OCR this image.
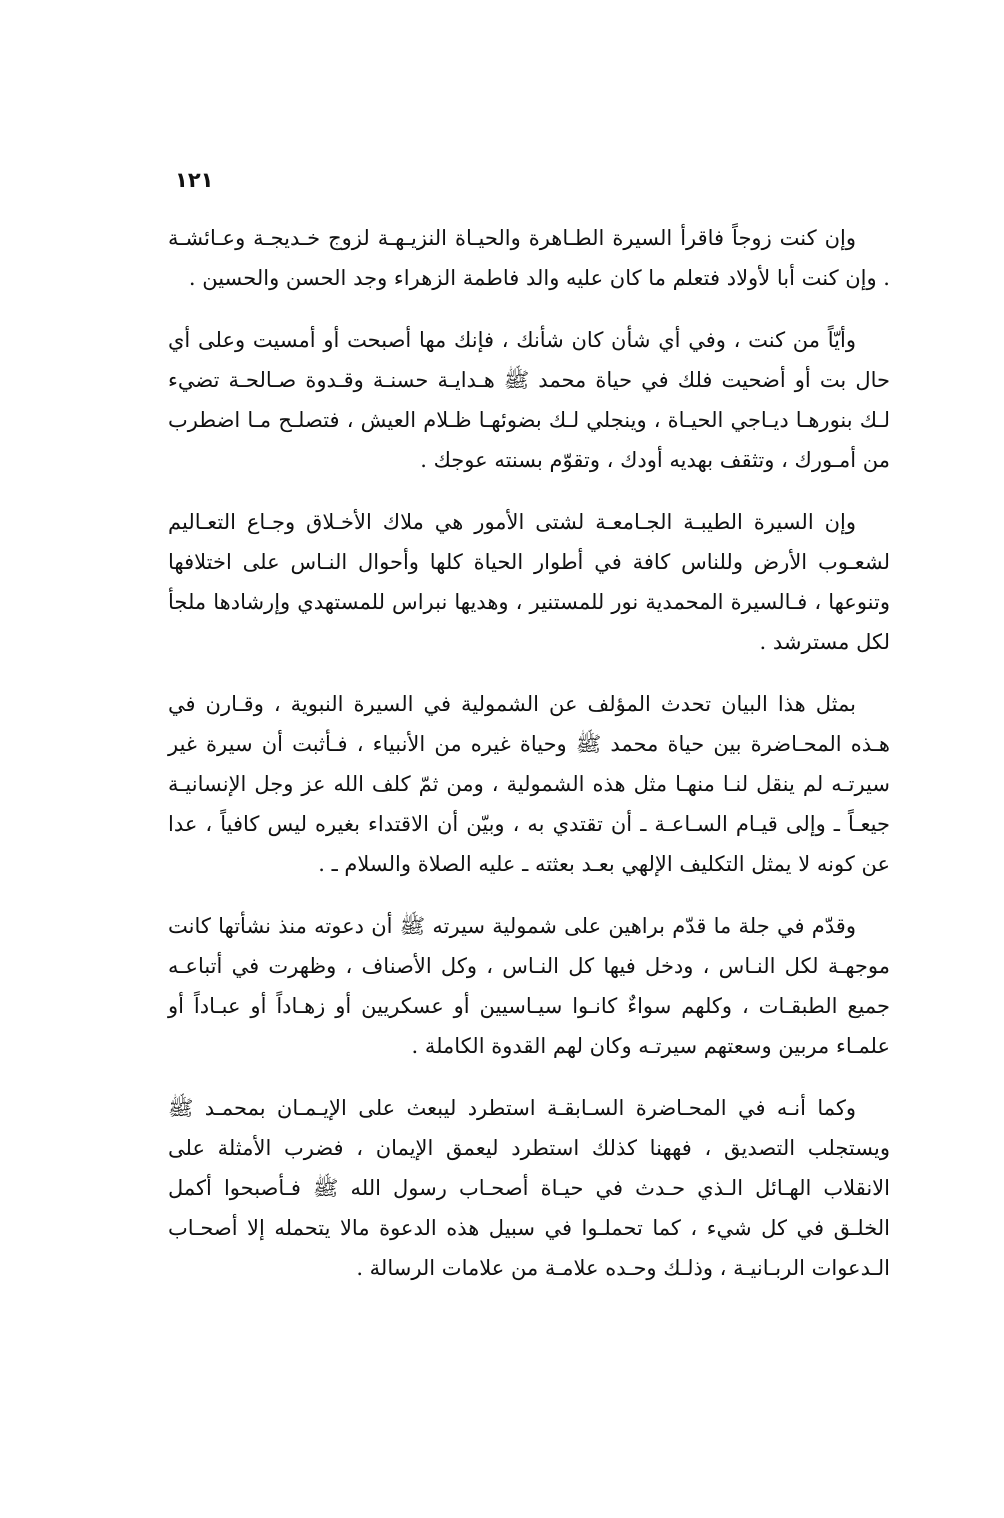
١٢١

وإن كنت زوجاً فاقرأ السيرة الطـاهرة والحيـاة النزيـهـة لزوج خـديجـة وعـائشـة . وإن كنت أبا لأولاد فتعلم ما كان عليه والد فاطمة الزهراء وجد الحسن والحسين .

وأيّاً من كنت ، وفي أي شأن كان شأنك ، فإنك مها أصبحت أو أمسيت وعلى أي حال بت أو أضحيت فلك في حياة محمد ﷺ هـدايـة حسنـة وقـدوة صـالحـة تضيء لـك بنورهـا ديـاجي الحيـاة ، وينجلي لـك بضوئهـا ظـلام العيش ، فتصلـح مـا اضطرب من أمـورك ، وتثقف بهديه أودك ، وتقوّم بسنته عوجك .

وإن السيرة الطيبـة الجـامعـة لشتى الأمور هي ملاك الأخـلاق وجـاع التعـاليم لشعـوب الأرض وللناس كافة في أطوار الحياة كلها وأحوال النـاس على اختلافها وتنوعها ، فـالسيرة المحمدية نور للمستنير ، وهديها نبراس للمستهدي وإرشادها ملجأ لكل مسترشد .

بمثل هذا البيان تحدث المؤلف عن الشمولية في السيرة النبوية ، وقـارن في هـذه المحـاضرة بين حياة محمد ﷺ وحياة غيره من الأنبياء ، فـأثبت أن سيرة غير سيرتـه لم ينقل لنـا منهـا مثل هذه الشمولية ، ومن ثمّ كلف الله عز وجل الإنسانيـة جيعـاً ـ وإلى قيـام السـاعـة ـ أن تقتدي به ، وبيّن أن الاقتداء بغيره ليس كافياً ، عدا عن كونه لا يمثل التكليف الإلهي بعـد بعثته ـ عليه الصلاة والسلام ـ .

وقدّم في جلة ما قدّم براهين على شمولية سيرته ﷺ أن دعوته منذ نشأتها كانت موجهـة لكل النـاس ، ودخل فيها كل النـاس ، وكل الأصناف ، وظهرت في أتباعـه جميع الطبقـات ، وكلهم سواءٌ كانـوا سيـاسيين أو عسكريين أو زهـاداً أو عبـاداً أو علمـاء مربين وسعتهم سيرتـه وكان لهم القدوة الكاملة .

وكما أنـه في المحـاضرة السـابقـة استطرد ليبعث على الإيـمـان بمحمـد ﷺ ويستجلب التصديق ، فههنا كذلك استطرد ليعمق الإيمان ، فضرب الأمثلة على الانقلاب الهـائل الـذي حـدث في حيـاة أصحـاب رسول الله ﷺ فـأصبحوا أكمل الخلـق في كل شيء ، كما تحملـوا في سبيل هذه الدعوة مالا يتحمله إلا أصحـاب الـدعوات الربـانيـة ، وذلـك وحـده علامـة من علامات الرسالة .
